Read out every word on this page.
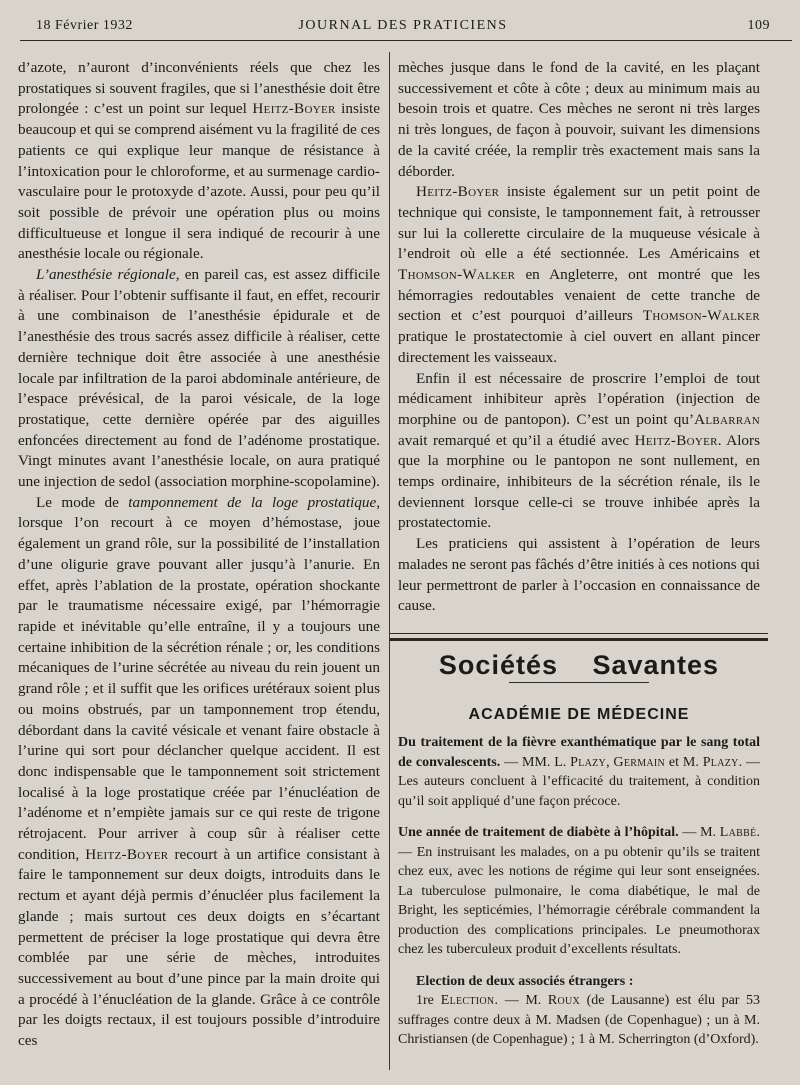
18 Février 1932	JOURNAL DES PRATICIENS	109

d’azote, n’auront d’inconvénients réels que chez les prostatiques si souvent fragiles, que si l’anesthésie doit être prolongée : c’est un point sur lequel Heitz-Boyer insiste beaucoup et qui se comprend aisément vu la fragilité de ces patients ce qui explique leur manque de résistance à l’intoxication pour le chloroforme, et au surmenage cardio-vasculaire pour le protoxyde d’azote. Aussi, pour peu qu’il soit possible de prévoir une opération plus ou moins difficultueuse et longue il sera indiqué de recourir à une anesthésie locale ou régionale.

L’anesthésie régionale, en pareil cas, est assez difficile à réaliser. Pour l’obtenir suffisante il faut, en effet, recourir à une combinaison de l’anesthésie épidurale et de l’anesthésie des trous sacrés assez difficile à réaliser, cette dernière technique doit être associée à une anesthésie locale par infiltration de la paroi abdominale antérieure, de l’espace prévésical, de la paroi vésicale, de la loge prostatique, cette dernière opérée par des aiguilles enfoncées directement au fond de l’adénome prostatique. Vingt minutes avant l’anesthésie locale, on aura pratiqué une injection de sedol (association morphine-scopolamine).

Le mode de tamponnement de la loge prostatique, lorsque l’on recourt à ce moyen d’hémostase, joue également un grand rôle, sur la possibilité de l’installation d’une oligurie grave pouvant aller jusqu’à l’anurie. En effet, après l’ablation de la prostate, opération shockante par le traumatisme nécessaire exigé, par l’hémorragie rapide et inévitable qu’elle entraîne, il y a toujours une certaine inhibition de la sécrétion rénale ; or, les conditions mécaniques de l’urine sécrétée au niveau du rein jouent un grand rôle ; et il suffit que les orifices urétéraux soient plus ou moins obstrués, par un tamponnement trop étendu, débordant dans la cavité vésicale et venant faire obstacle à l’urine qui sort pour déclancher quelque accident. Il est donc indispensable que le tamponnement soit strictement localisé à la loge prostatique créée par l’énucléation de l’adénome et n’empiète jamais sur ce qui reste de trigone rétrojacent. Pour arriver à coup sûr à réaliser cette condition, Heitz-Boyer recourt à un artifice consistant à faire le tamponnement sur deux doigts, introduits dans le rectum et ayant déjà permis d’énucléer plus facilement la glande ; mais surtout ces deux doigts en s’écartant permettent de préciser la loge prostatique qui devra être comblée par une série de mèches, introduites successivement au bout d’une pince par la main droite qui a procédé à l’énucléation de la glande. Grâce à ce contrôle par les doigts rectaux, il est toujours possible d’introduire ces

mèches jusque dans le fond de la cavité, en les plaçant successivement et côte à côte ; deux au minimum mais au besoin trois et quatre. Ces mèches ne seront ni très larges ni très longues, de façon à pouvoir, suivant les dimensions de la cavité créée, la remplir très exactement mais sans la déborder.

Heitz-Boyer insiste également sur un petit point de technique qui consiste, le tamponnement fait, à retrousser sur lui la collerette circulaire de la muqueuse vésicale à l’endroit où elle a été sectionnée. Les Américains et Thomson-Walker en Angleterre, ont montré que les hémorragies redoutables venaient de cette tranche de section et c’est pourquoi d’ailleurs Thomson-Walker pratique le prostatectomie à ciel ouvert en allant pincer directement les vaisseaux.

Enfin il est nécessaire de proscrire l’emploi de tout médicament inhibiteur après l’opération (injection de morphine ou de pantopon). C’est un point qu’Albarran avait remarqué et qu’il a étudié avec Heitz-Boyer. Alors que la morphine ou le pantopon ne sont nullement, en temps ordinaire, inhibiteurs de la sécrétion rénale, ils le deviennent lorsque celle-ci se trouve inhibée après la prostatectomie.

Les praticiens qui assistent à l’opération de leurs malades ne seront pas fâchés d’être initiés à ces notions qui leur permettront de parler à l’occasion en connaissance de cause.

Sociétés Savantes
ACADÉMIE DE MÉDECINE

Du traitement de la fièvre exanthématique par le sang total de convalescents. — MM. L. Plazy, Germain et M. Plazy. — Les auteurs concluent à l’efficacité du traitement, à condition qu’il soit appliqué d’une façon précoce.

Une année de traitement de diabète à l’hôpital. — M. Labbé. — En instruisant les malades, on a pu obtenir qu’ils se traitent chez eux, avec les notions de régime qui leur sont enseignées. La tuberculose pulmonaire, le coma diabétique, le mal de Bright, les septicémies, l’hémorragie cérébrale commandent la production des complications principales. Le pneumothorax chez les tuberculeux produit d’excellents résultats.

Election de deux associés étrangers :

1re Election. — M. Roux (de Lausanne) est élu par 53 suffrages contre deux à M. Madsen (de Copenhague) ; un à M. Christiansen (de Copenhague) ; 1 à M. Scherrington (d’Oxford).
